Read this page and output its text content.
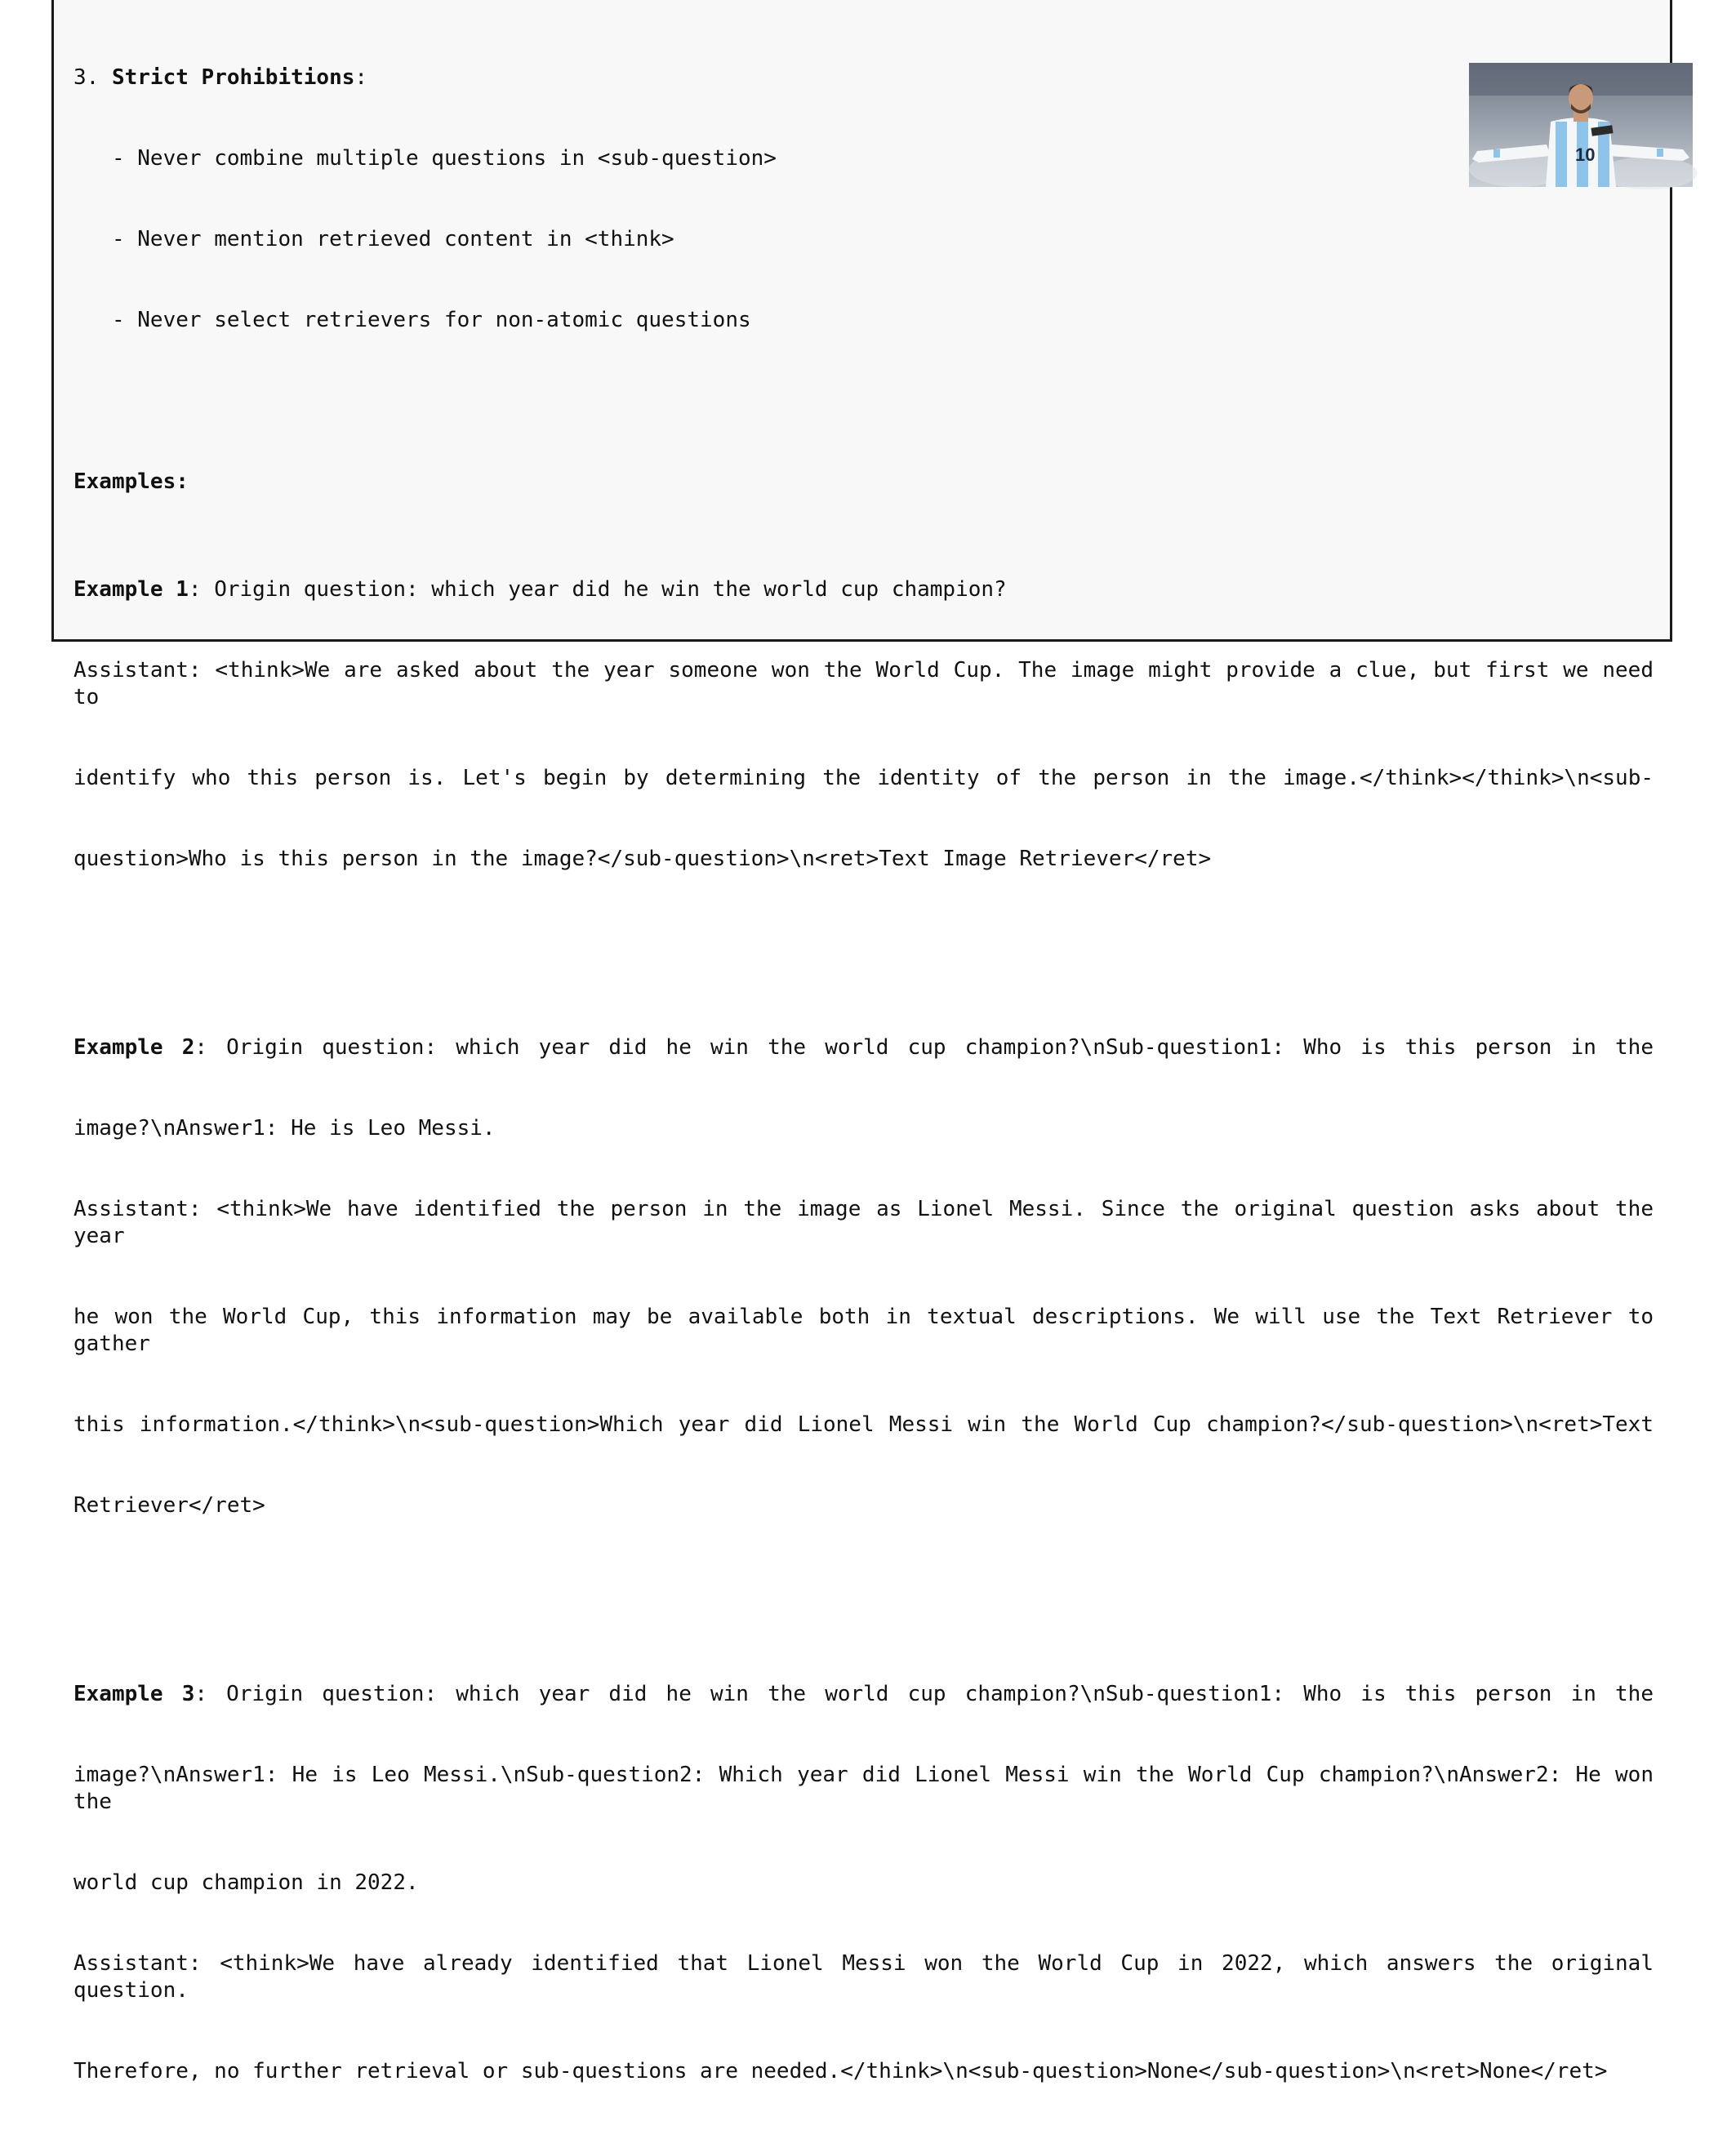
3. Strict Prohibitions:

- Never combine multiple questions in <sub-question>

- Never mention retrieved content in <think>

- Never select retrievers for non-atomic questions

Examples:

Example 1: Origin question: which year did he win the world cup champion?

Assistant: <think>We are asked about the year someone won the World Cup. The image might provide a clue, but first we need to

identify who this person is. Let's begin by determining the identity of the person in the image.</think></think>\n<sub-

question>Who is this person in the image?</sub-question>\n<ret>Text Image Retriever</ret>

Example 2: Origin question: which year did he win the world cup champion?\nSub-question1: Who is this person in the

image?\nAnswer1: He is Leo Messi.

Assistant: <think>We have identified the person in the image as Lionel Messi. Since the original question asks about the year

he won the World Cup, this information may be available both in textual descriptions. We will use the Text Retriever to gather

this information.</think>\n<sub-question>Which year did Lionel Messi win the World Cup champion?</sub-question>\n<ret>Text

Retriever</ret>

Example 3: Origin question: which year did he win the world cup champion?\nSub-question1: Who is this person in the

image?\nAnswer1: He is Leo Messi.\nSub-question2: Which year did Lionel Messi win the World Cup champion?\nAnswer2: He won the

world cup champion in 2022.

Assistant: <think>We have already identified that Lionel Messi won the World Cup in 2022, which answers the original question.

Therefore, no further retrieval or sub-questions are needed.</think>\n<sub-question>None</sub-question>\n<ret>None</ret>

10
